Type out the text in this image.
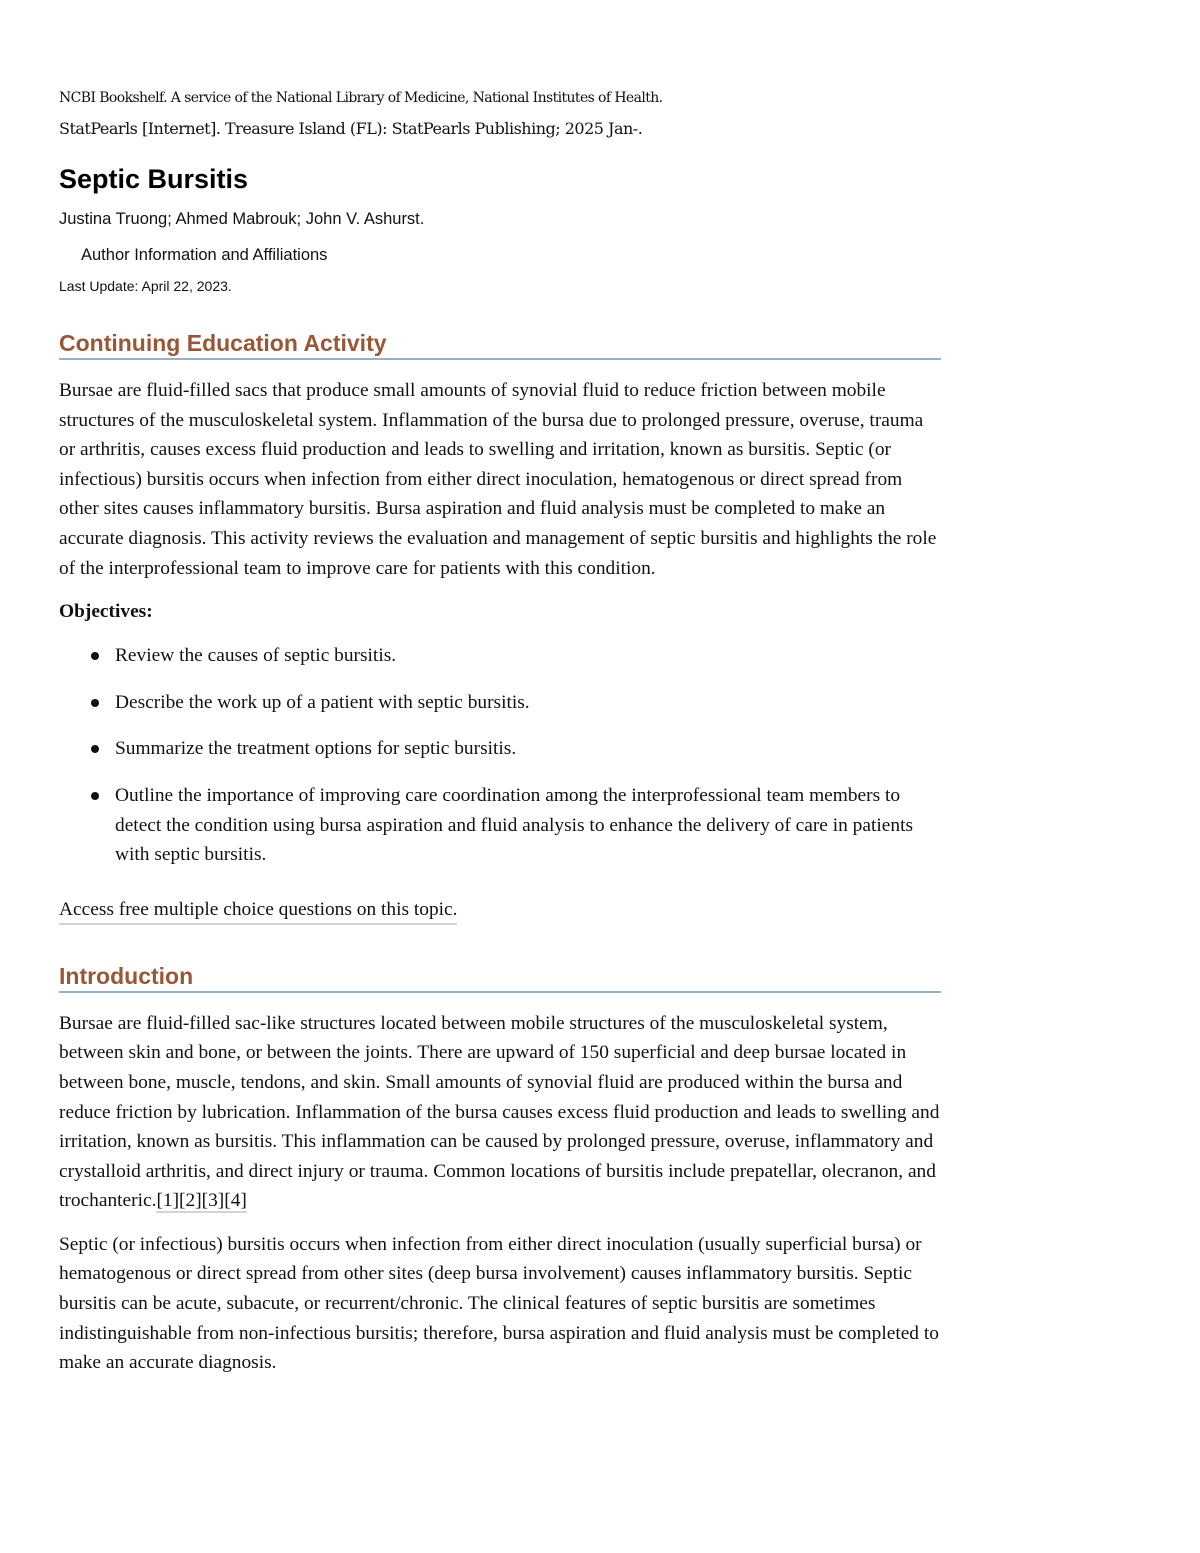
NCBI Bookshelf. A service of the National Library of Medicine, National Institutes of Health.
StatPearls [Internet]. Treasure Island (FL): StatPearls Publishing; 2025 Jan-.
Septic Bursitis
Justina Truong; Ahmed Mabrouk; John V. Ashurst.
Author Information and Affiliations
Last Update: April 22, 2023.
Continuing Education Activity

Bursae are fluid-filled sacs that produce small amounts of synovial fluid to reduce friction between mobile structures of the musculoskeletal system. Inflammation of the bursa due to prolonged pressure, overuse, trauma or arthritis, causes excess fluid production and leads to swelling and irritation, known as bursitis. Septic (or infectious) bursitis occurs when infection from either direct inoculation, hematogenous or direct spread from other sites causes inflammatory bursitis. Bursa aspiration and fluid analysis must be completed to make an accurate diagnosis. This activity reviews the evaluation and management of septic bursitis and highlights the role of the interprofessional team to improve care for patients with this condition.

Objectives:
Review the causes of septic bursitis.
Describe the work up of a patient with septic bursitis.
Summarize the treatment options for septic bursitis.
Outline the importance of improving care coordination among the interprofessional team members to detect the condition using bursa aspiration and fluid analysis to enhance the delivery of care in patients with septic bursitis.
Access free multiple choice questions on this topic.
Introduction

Bursae are fluid-filled sac-like structures located between mobile structures of the musculoskeletal system, between skin and bone, or between the joints. There are upward of 150 superficial and deep bursae located in between bone, muscle, tendons, and skin. Small amounts of synovial fluid are produced within the bursa and reduce friction by lubrication. Inflammation of the bursa causes excess fluid production and leads to swelling and irritation, known as bursitis. This inflammation can be caused by prolonged pressure, overuse, inflammatory and crystalloid arthritis, and direct injury or trauma. Common locations of bursitis include prepatellar, olecranon, and trochanteric.[1][2][3][4]

Septic (or infectious) bursitis occurs when infection from either direct inoculation (usually superficial bursa) or hematogenous or direct spread from other sites (deep bursa involvement) causes inflammatory bursitis. Septic bursitis can be acute, subacute, or recurrent/chronic. The clinical features of septic bursitis are sometimes indistinguishable from non-infectious bursitis; therefore, bursa aspiration and fluid analysis must be completed to make an accurate diagnosis.
